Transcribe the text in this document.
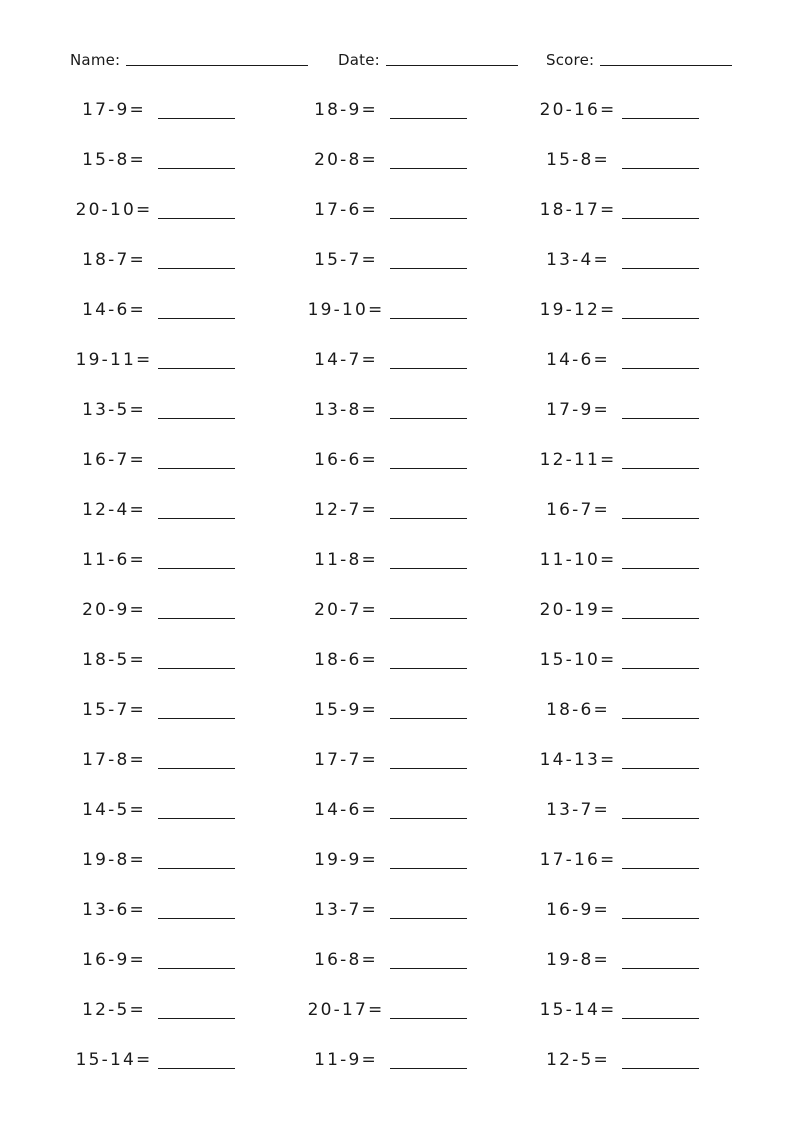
Name:	Date:	Score:
17-9=
15-8=
20-10=
18-7=
14-6=
19-11=
13-5=
16-7=
12-4=
11-6=
20-9=
18-5=
15-7=
17-8=
14-5=
19-8=
13-6=
16-9=
12-5=
15-14=
18-9=
20-8=
17-6=
15-7=
19-10=
14-7=
13-8=
16-6=
12-7=
11-8=
20-7=
18-6=
15-9=
17-7=
14-6=
19-9=
13-7=
16-8=
20-17=
11-9=
20-16=
15-8=
18-17=
13-4=
19-12=
14-6=
17-9=
12-11=
16-7=
11-10=
20-19=
15-10=
18-6=
14-13=
13-7=
17-16=
16-9=
19-8=
15-14=
12-5=
